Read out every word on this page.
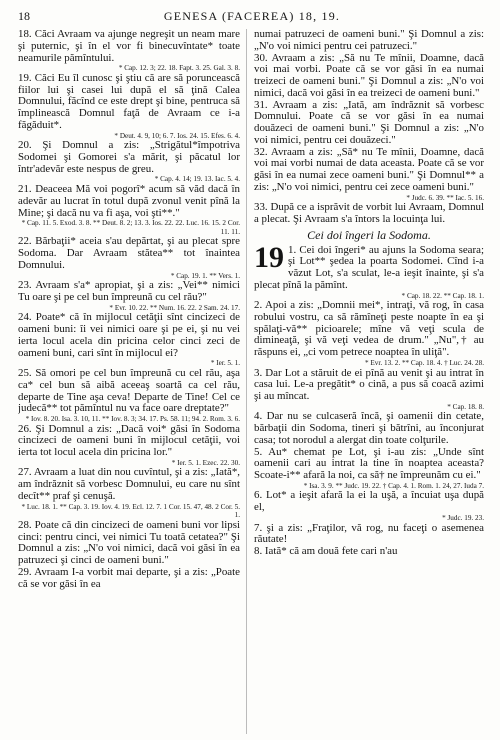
18	GENESA (FACEREA) 18, 19.

18. Căci Avraam va ajunge negreşit un neam mare şi puternic, şi în el vor fi binecuvîntate* toate neamurile pămîntului.
* Cap. 12. 3; 22. 18. Fapt. 3. 25. Gal. 3. 8.

19. Căci Eu îl cunosc şi ştiu că are să poruncească fiilor lui şi casei lui după el să ţină Calea Domnului, făcînd ce este drept şi bine, pentruca să împlinească Domnul faţă de Avraam ce i-a făgăduit*.
* Deut. 4. 9, 10; 6. 7. Ios. 24. 15. Efes. 6. 4.

20. Şi Domnul a zis: „Strigătul*împotriva Sodomei şi Gomorei s'a mărit, şi păcatul lor într'adevăr este nespus de greu.
* Cap. 4. 14; 19. 13. Iac. 5. 4.

21. Deaceea Mă voi pogorî* acum să văd dacă în adevăr au lucrat în totul după zvonul venit pînă la Mine; şi dacă nu va fi aşa, voi şti**."
* Cap. 11. 5. Exod. 3. 8. ** Deut. 8. 2; 13. 3. Ios. 22. 22. Luc. 16. 15. 2 Cor. 11. 11.

22. Bărbaţii* aceia s'au depărtat, şi au plecat spre Sodoma. Dar Avraam stătea** tot înaintea Domnului.
* Cap. 19. 1. ** Vers. 1.

23. Avraam s'a* apropiat, şi a zis: „Vei** nimici Tu oare şi pe cel bun împreună cu cel rău?"
* Evr. 10. 22. ** Num. 16. 22. 2 Sam. 24. 17.

24. Poate* că în mijlocul cetăţii sînt cincizeci de oameni buni: îi vei nimici oare şi pe ei, şi nu vei ierta locul acela din pricina celor cinci zeci de oameni buni, cari sînt în mijlocul ei?
* Ier. 5. 1.

25. Să omori pe cel bun împreună cu cel rău, aşa ca* cel bun să aibă aceeaş soartă ca cel rău, departe de Tine aşa ceva! Departe de Tine! Cel ce judecă** tot pămîntul nu va face oare dreptate?"
* Iov. 8. 20. Isa. 3. 10, 11. ** Iov. 8. 3; 34. 17. Ps. 58. 11; 94. 2. Rom. 3. 6.

26. Şi Domnul a zis: „Dacă voi* găsi în Sodoma cincizeci de oameni buni în mijlocul cetăţii, voi ierta tot locul acela din pricina lor."
* Ier. 5. 1. Ezec. 22. 30.

27. Avraam a luat din nou cuvîntul, şi a zis: „Iată*, am îndrăznit să vorbesc Domnului, eu care nu sînt decît** praf şi cenuşă.
* Luc. 18. 1. ** Cap. 3. 19. Iov. 4. 19. Ecl. 12. 7. 1 Cor. 15. 47, 48. 2 Cor. 5. 1.

28. Poate că din cincizeci de oameni buni vor lipsi cinci: pentru cinci, vei nimici Tu toată cetatea?" Şi Domnul a zis: „N'o voi nimici, dacă voi găsi în ea patruzeci şi cinci de oameni buni."

29. Avraam I-a vorbit mai departe, şi a zis: „Poate că se vor găsi în ea

numai patruzeci de oameni buni." Şi Domnul a zis: „N'o voi nimici pentru cei patruzeci."

30. Avraam a zis: „Să nu Te mînii, Doamne, dacă voi mai vorbi. Poate că se vor găsi în ea numai treizeci de oameni buni." Şi Domnul a zis: „N'o voi nimici, dacă voi găsi în ea treizeci de oameni buni."

31. Avraam a zis: „Iată, am îndrăznit să vorbesc Domnului. Poate că se vor găsi în ea numai douăzeci de oameni buni." Şi Domnul a zis: „N'o voi nimici, pentru cei douăzeci."

32. Avraam a zis: „Să* nu Te mînii, Doamne, dacă voi mai vorbi numai de data aceasta. Poate că se vor găsi în ea numai zece oameni buni." Şi Domnul** a zis: „N'o voi nimici, pentru cei zece oameni buni."
* Judc. 6. 39. ** Iac. 5. 16.

33. După ce a isprăvit de vorbit lui Avraam, Domnul a plecat. Şi Avraam s'a întors la locuinţa lui.

Cei doi îngeri la Sodoma.
19 1. Cei doi îngeri* au ajuns la Sodoma seara; şi Lot** şedea la poarta Sodomei. Cînd i-a văzut Lot, s'a sculat, le-a ieşit înainte, şi s'a plecat pînă la pămînt.
* Cap. 18. 22. ** Cap. 18. 1.

2. Apoi a zis: „Domnii mei*, intraţi, vă rog, în casa robului vostru, ca să rămîneţi peste noapte în ea şi spălaţi-vă** picioarele; mîne vă veţi scula de dimineaţă, şi vă veţi vedea de drum." „Nu",† au răspuns ei, „ci vom petrece noaptea în uliţă".
* Evr. 13. 2. ** Cap. 18. 4. † Luc. 24. 28.

3. Dar Lot a stăruit de ei pînă au venit şi au intrat în casa lui. Le-a pregătit* o cină, a pus să coacă azimi şi au mîncat.
* Cap. 18. 8.

4. Dar nu se culcaseră încă, şi oamenii din cetate, bărbaţii din Sodoma, tineri şi bătrîni, au înconjurat casa; tot norodul a alergat din toate colţurile.

5. Au* chemat pe Lot, şi i-au zis: „Unde sînt oamenii cari au intrat la tine în noaptea aceasta? Scoate-i** afară la noi, ca să† ne împreunăm cu ei."
* Isa. 3. 9. ** Judc. 19. 22. † Cap. 4. 1. Rom. 1. 24, 27. Iuda 7.

6. Lot* a ieşit afară la ei la uşă, a încuiat uşa după el,
* Judc. 19. 23.

7. şi a zis: „Fraţilor, vă rog, nu faceţi o asemenea răutate!

8. Iată* că am două fete cari n'au
